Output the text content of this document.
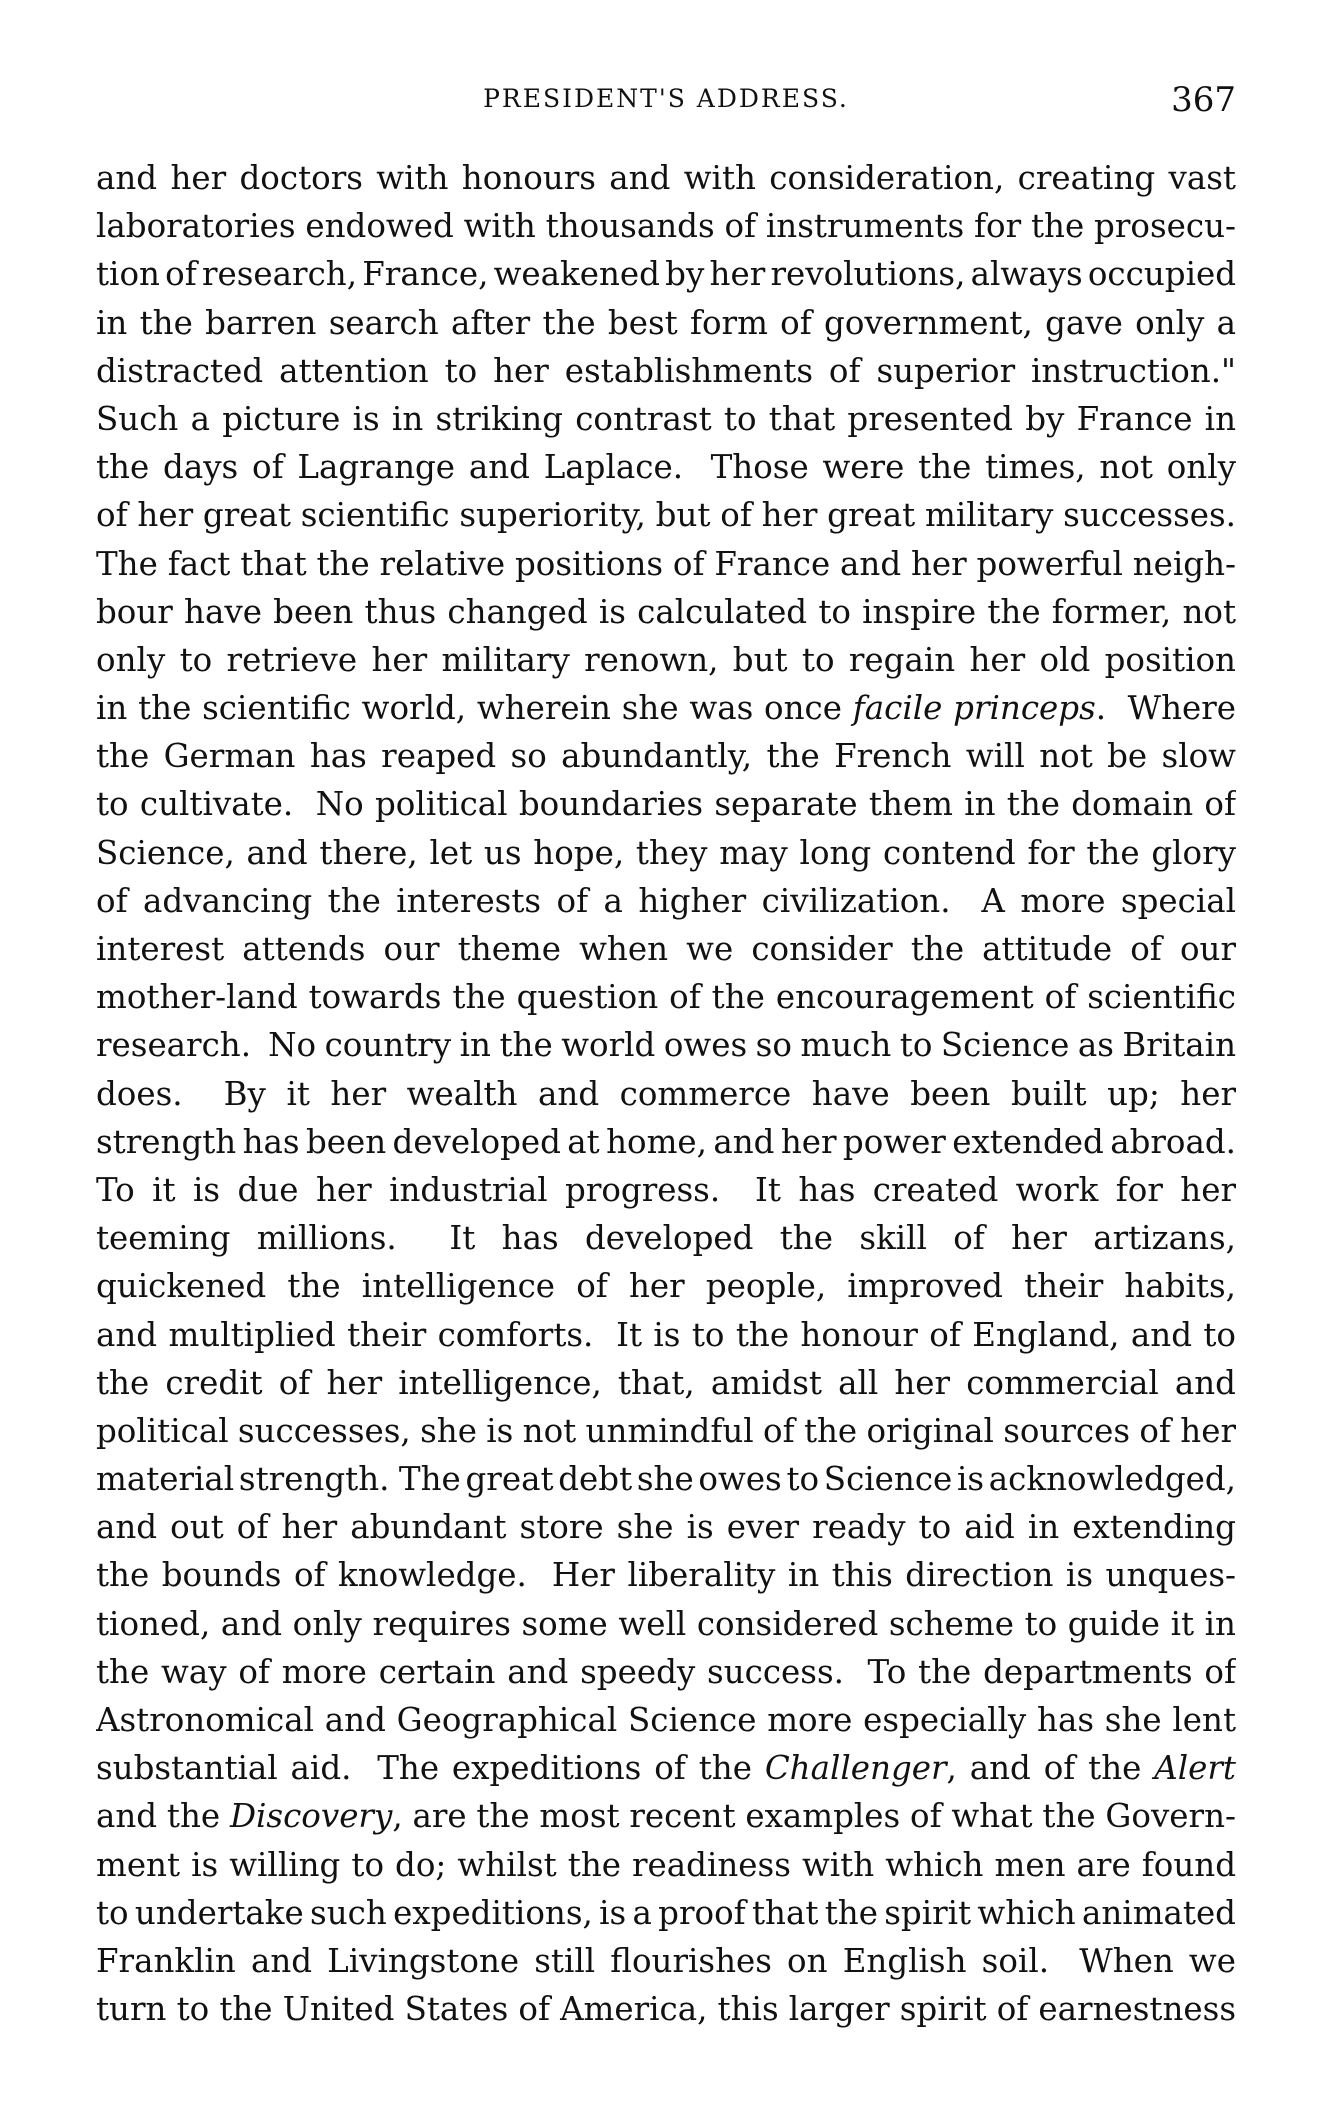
PRESIDENT'S ADDRESS.	367
and her doctors with honours and with consideration, creating vast
laboratories endowed with thousands of instruments for the prosecu-
tion of research, France, weakened by her revolutions, always occupied
in the barren search after the best form of government, gave only a
distracted attention to her establishments of superior instruction."
Such a picture is in striking contrast to that presented by France in
the days of Lagrange and Laplace.  Those were the times, not only
of her great scientific superiority, but of her great military successes.
The fact that the relative positions of France and her powerful neigh-
bour have been thus changed is calculated to inspire the former, not
only to retrieve her military renown, but to regain her old position
in the scientific world, wherein she was once facile princeps.  Where
the German has reaped so abundantly, the French will not be slow
to cultivate.  No political boundaries separate them in the domain of
Science, and there, let us hope, they may long contend for the glory
of advancing the interests of a higher civilization.  A more special
interest attends our theme when we consider the attitude of our
mother-land towards the question of the encouragement of scientific
research.  No country in the world owes so much to Science as Britain
does.  By it her wealth and commerce have been built up; her
strength has been developed at home, and her power extended abroad.
To it is due her industrial progress.  It has created work for her
teeming millions.  It has developed the skill of her artizans,
quickened the intelligence of her people, improved their habits,
and multiplied their comforts.  It is to the honour of England, and to
the credit of her intelligence, that, amidst all her commercial and
political successes, she is not unmindful of the original sources of her
material strength.  The great debt she owes to Science is acknowledged,
and out of her abundant store she is ever ready to aid in extending
the bounds of knowledge.  Her liberality in this direction is unques-
tioned, and only requires some well considered scheme to guide it in
the way of more certain and speedy success.  To the departments of
Astronomical and Geographical Science more especially has she lent
substantial aid.  The expeditions of the Challenger, and of the Alert
and the Discovery, are the most recent examples of what the Govern-
ment is willing to do; whilst the readiness with which men are found
to undertake such expeditions, is a proof that the spirit which animated
Franklin and Livingstone still flourishes on English soil.  When we
turn to the United States of America, this larger spirit of earnestness
